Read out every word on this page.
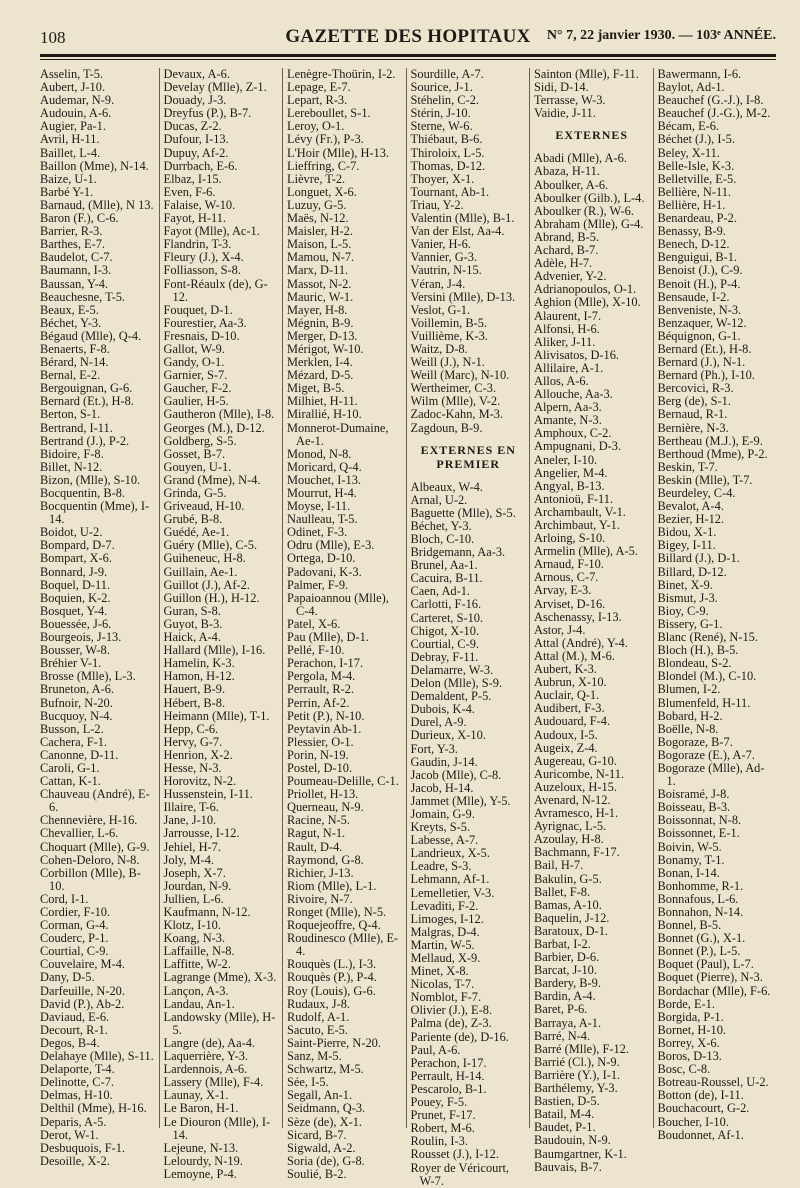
108	GAZETTE DES HOPITAUX	N° 7, 22 janvier 1930. — 103ᵉ ANNÉE.
Asselin, T-5.
Aubert, J-10.
Audemar, N-9.
Audouin, A-6.
Augier, Pa-1.
Avril, H-11.
Baillet, L-4.
Baillon (Mme), N-14.
Baize, U-1.
Barbé Y-1.
Barnaud, (Mlle), N 13.
Baron (F.), C-6.
Barrier, R-3.
Barthes, E-7.
Baudelot, C-7.
Baumann, I-3.
Baussan, Y-4.
Beauchesne, T-5.
Beaux, E-5.
Béchet, Y-3.
Bégaud (Mlle), Q-4.
Benaerts, F-8.
Bérard, N-14.
Bernal, E-2.
Bergouignan, G-6.
Bernard (Et.), H-8.
Berton, S-1.
Bertrand, I-11.
Bertrand (J.), P-2.
Bidoire, F-8.
Billet, N-12.
Bizon, (Mlle), S-10.
Bocquentin, B-8.
Bocquentin (Mme), I-14.
Boidot, U-2.
Bompard, D-7.
Bompart, X-6.
Bonnard, J-9.
Boquel, D-11.
Boquien, K-2.
Bosquet, Y-4.
Bouessée, J-6.
Bourgeois, J-13.
Bousser, W-8.
Bréhier V-1.
Brosse (Mlle), L-3.
Bruneton, A-6.
Bufnoir, N-20.
Bucquoy, N-4.
Busson, L-2.
Cachera, F-1.
Canonne, D-11.
Caroli, G-1.
Cattan, K-1.
Chauveau (André), E-6.
Chennevière, H-16.
Chevallier, L-6.
Choquart (Mlle), G-9.
Cohen-Deloro, N-8.
Corbillon (Mlle), B-10.
Cord, I-1.
Cordier, F-10.
Corman, G-4.
Couderc, P-1.
Courtial, C-9.
Couvelaire, M-4.
Dany, D-5.
Darfeuille, N-20.
David (P.), Ab-2.
Daviaud, E-6.
Decourt, R-1.
Degos, B-4.
Delahaye (Mlle), S-11.
Delaporte, T-4.
Delinotte, C-7.
Delmas, H-10.
Delthil (Mme), H-16.
Deparis, A-5.
Derot, W-1.
Desbuquois, F-1.
Desoille, X-2.
Devaux, A-6.
Develay (Mlle), Z-1.
Douady, J-3.
Dreyfus (P.), B-7.
Ducas, Z-2.
Dufour, I-13.
Dupuy, Af-2.
Durrbach, E-6.
Elbaz, I-15.
Even, F-6.
Falaise, W-10.
Fayot, H-11.
Fayot (Mlle), Ac-1.
Flandrin, T-3.
Fleury (J.), X-4.
Folliasson, S-8.
Font-Réaulx (de), G-12.
Fouquet, D-1.
Fourestier, Aa-3.
Fresnais, D-10.
Gallot, W-9.
Gandy, O-1.
Garnier, S-7.
Gaucher, F-2.
Gaulier, H-5.
Gautheron (Mlle), I-8.
Georges (M.), D-12.
Goldberg, S-5.
Gosset, B-7.
Gouyen, U-1.
Grand (Mme), N-4.
Grinda, G-5.
Griveaud, H-10.
Grubé, B-8.
Guédé, Ae-1.
Guéry (Mlle), C-5.
Guiheneuc, H-8.
Guillain, Ae-1.
Guillot (J.), Af-2.
Guillon (H.), H-12.
Guran, S-8.
Guyot, B-3.
Haick, A-4.
Hallard (Mlle), I-16.
Hamelin, K-3.
Hamon, H-12.
Hauert, B-9.
Hébert, B-8.
Heimann (Mlle), T-1.
Hepp, C-6.
Hervy, G-7.
Henrion, X-2.
Hesse, N-3.
Horovitz, N-2.
Hussenstein, I-11.
Illaire, T-6.
Jane, J-10.
Jarrousse, I-12.
Jehiel, H-7.
Joly, M-4.
Joseph, X-7.
Jourdan, N-9.
Jullien, L-6.
Kaufmann, N-12.
Klotz, I-10.
Koang, N-3.
Laffaille, N-8.
Laffitte, W-2.
Lagrange (Mme), X-3.
Lançon, A-3.
Landau, An-1.
Landowsky (Mlle), H-5.
Langre (de), Aa-4.
Laquerrière, Y-3.
Lardennois, A-6.
Lassery (Mlle), F-4.
Launay, X-1.
Le Baron, H-1.
Le Diouron (Mlle), I-14.
Lejeune, N-13.
Lelourdy, N-19.
Lemoyne, P-4.
Lenègre-Thoürin, I-2.
Lepage, E-7.
Lepart, R-3.
Lereboullet, S-1.
Leroy, O-1.
Lévy (Fr.), P-3.
L'Hoir (Mlle), H-13.
Lieffring, C-7.
Lièvre, T-2.
Longuet, X-6.
Luzuy, G-5.
Maës, N-12.
Maisler, H-2.
Maison, L-5.
Mamou, N-7.
Marx, D-11.
Massot, N-2.
Mauric, W-1.
Mayer, H-8.
Mégnin, B-9.
Merger, D-13.
Mérigot, W-10.
Merklen, I-4.
Mézard, D-5.
Miget, B-5.
Milhiet, H-11.
Mirallié, H-10.
Monnerot-Dumaine, Ae-1.
Monod, N-8.
Moricard, Q-4.
Mouchet, I-13.
Mourrut, H-4.
Moyse, I-11.
Naulleau, T-5.
Odinet, F-3.
Odru (Mlle), E-3.
Ortega, D-10.
Padovani, K-3.
Palmer, F-9.
Papaioannou (Mlle), C-4.
Patel, X-6.
Pau (Mlle), D-1.
Pellé, F-10.
Perachon, I-17.
Pergola, M-4.
Perrault, R-2.
Perrin, Af-2.
Petit (P.), N-10.
Peytavin Ab-1.
Plessier, O-1.
Porin, N-19.
Postel, D-10.
Poumeau-Delille, C-1.
Priollet, H-13.
Querneau, N-9.
Racine, N-5.
Ragut, N-1.
Rault, D-4.
Raymond, G-8.
Richier, J-13.
Riom (Mlle), L-1.
Rivoire, N-7.
Ronget (Mlle), N-5.
Roquejeoffre, Q-4.
Roudinesco (Mlle), E-4.
Rouquès (L.), I-3.
Rouquès (P.), P-4.
Roy (Louis), G-6.
Rudaux, J-8.
Rudolf, A-1.
Sacuto, E-5.
Saint-Pierre, N-20.
Sanz, M-5.
Schwartz, M-5.
Sée, I-5.
Segall, An-1.
Seidmann, Q-3.
Sèze (de), X-1.
Sicard, B-7.
Sigwald, A-2.
Soria (de), G-8.
Soulié, B-2.
Sourdille, A-7.
Sourice, J-1.
Stéhelin, C-2.
Stérin, J-10.
Sterne, W-6.
Thiébaut, B-6.
Thiroloix, L-5.
Thomas, D-12.
Thoyer, X-1.
Tournant, Ab-1.
Triau, Y-2.
Valentin (Mlle), B-1.
Van der Elst, Aa-4.
Vanier, H-6.
Vannier, G-3.
Vautrin, N-15.
Véran, J-4.
Versini (Mlle), D-13.
Veslot, G-1.
Voillemin, B-5.
Vuillième, K-3.
Waitz, D-8.
Weill (J.), N-1.
Weill (Marc), N-10.
Wertheimer, C-3.
Wilm (Mlle), V-2.
Zadoc-Kahn, M-3.
Zagdoun, B-9.
EXTERNES EN PREMIER
Albeaux, W-4.
Arnal, U-2.
Baguette (Mlle), S-5.
Béchet, Y-3.
Bloch, C-10.
Bridgemann, Aa-3.
Brunel, Aa-1.
Cacuira, B-11.
Caen, Ad-1.
Carlotti, F-16.
Carteret, S-10.
Chigot, X-10.
Courtial, C-9.
Debray, F-11.
Delamarre, W-3.
Delon (Mlle), S-9.
Demaldent, P-5.
Dubois, K-4.
Durel, A-9.
Durieux, X-10.
Fort, Y-3.
Gaudin, J-14.
Jacob (Mlle), C-8.
Jacob, H-14.
Jammet (Mlle), Y-5.
Jomain, G-9.
Kreyts, S-5.
Labesse, A-7.
Landrieux, X-5.
Leadre, S-3.
Lehmann, Af-1.
Lemelletier, V-3.
Levaditi, F-2.
Limoges, I-12.
Malgras, D-4.
Martin, W-5.
Mellaud, X-9.
Minet, X-8.
Nicolas, T-7.
Nomblot, F-7.
Olivier (J.), E-8.
Palma (de), Z-3.
Pariente (de), D-16.
Paul, A-6.
Perachon, I-17.
Perrault, H-14.
Pescarolo, B-1.
Pouey, F-5.
Prunet, F-17.
Robert, M-6.
Roulin, I-3.
Rousset (J.), I-12.
Royer de Véricourt, W-7.
Sainton (Mlle), F-11.
Sidi, D-14.
Terrasse, W-3.
Vaidie, J-11.
EXTERNES
Abadi (Mlle), A-6.
Abaza, H-11.
Aboulker, A-6.
Aboulker (Gilb.), L-4.
Aboulker (R.), W-6.
Abraham (Mlle), G-4.
Abrand, B-5.
Achard, B-7.
Adèle, H-7.
Advenier, Y-2.
Adrianopoulos, O-1.
Aghion (Mlle), X-10.
Alaurent, I-7.
Alfonsi, H-6.
Aliker, J-11.
Alivisatos, D-16.
Allilaire, A-1.
Allos, A-6.
Allouche, Aa-3.
Alpern, Aa-3.
Amante, N-3.
Amphoux, C-2.
Ampugnani, D-3.
Aneler, I-10.
Angelier, M-4.
Angyal, B-13.
Antonioü, F-11.
Archambault, V-1.
Archimbaut, Y-1.
Arloing, S-10.
Armelin (Mlle), A-5.
Arnaud, F-10.
Arnous, C-7.
Arvay, E-3.
Arviset, D-16.
Aschenassy, I-13.
Astor, J-4.
Attal (André), Y-4.
Attal (M.), M-6.
Aubert, K-3.
Aubrun, X-10.
Auclair, Q-1.
Audibert, F-3.
Audouard, F-4.
Audoux, I-5.
Augeix, Z-4.
Augereau, G-10.
Auricombe, N-11.
Auzeloux, H-15.
Avenard, N-12.
Avramesco, H-1.
Ayrignac, L-5.
Azoulay, H-8.
Bachmann, F-17.
Bail, H-7.
Bakulin, G-5.
Ballet, F-8.
Bamas, A-10.
Baquelin, J-12.
Baratoux, D-1.
Barbat, I-2.
Barbier, D-6.
Barcat, J-10.
Bardery, B-9.
Bardin, A-4.
Baret, P-6.
Barraya, A-1.
Barré, N-4.
Barré (Mlle), F-12.
Barrié (Cl.), N-9.
Barrière (Y.), I-1.
Barthélemy, Y-3.
Bastien, D-5.
Batail, M-4.
Baudet, P-1.
Baudouin, N-9.
Baumgartner, K-1.
Bauvais, B-7.
Bawermann, I-6.
Baylot, Ad-1.
Beauchef (G.-J.), I-8.
Beauchef (J.-G.), M-2.
Bécam, E-6.
Béchet (J.), I-5.
Beley, X-11.
Belle-Isle, K-3.
Belletville, E-5.
Bellière, N-11.
Bellière, H-1.
Benardeau, P-2.
Benassy, B-9.
Benech, D-12.
Benguigui, B-1.
Benoist (J.), C-9.
Benoit (H.), P-4.
Bensaude, I-2.
Benveniste, N-3.
Benzaquer, W-12.
Béquignon, G-1.
Bernard (Et.), H-8.
Bernard (J.), N-1.
Bernard (Ph.), I-10.
Bercovici, R-3.
Berg (de), S-1.
Bernaud, R-1.
Bernière, N-3.
Bertheau (M.J.), E-9.
Berthoud (Mme), P-2.
Beskin, T-7.
Beskin (Mlle), T-7.
Beurdeley, C-4.
Bevalot, A-4.
Bezier, H-12.
Bidou, X-1.
Bigey, I-11.
Billard (J.), D-1.
Billard, D-12.
Binet, X-9.
Bismut, J-3.
Bioy, C-9.
Bissery, G-1.
Blanc (René), N-15.
Bloch (H.), B-5.
Blondeau, S-2.
Blondel (M.), C-10.
Blumen, I-2.
Blumenfeld, H-11.
Bobard, H-2.
Boëlle, N-8.
Bogoraze, B-7.
Bogoraze (E.), A-7.
Bogoraze (Mlle), Ad-1.
Boisramé, J-8.
Boisseau, B-3.
Boissonnat, N-8.
Boissonnet, E-1.
Boivin, W-5.
Bonamy, T-1.
Bonan, I-14.
Bonhomme, R-1.
Bonnafous, L-6.
Bonnahon, N-14.
Bonnel, B-5.
Bonnet (G.), X-1.
Bonnet (P.), L-5.
Boquet (Paul), L-7.
Boquet (Pierre), N-3.
Bordachar (Mlle), F-6.
Borde, E-1.
Borgida, P-1.
Bornet, H-10.
Borrey, X-6.
Boros, D-13.
Bosc, C-8.
Botreau-Roussel, U-2.
Botton (de), I-11.
Bouchacourt, G-2.
Boucher, I-10.
Boudonnet, Af-1.
